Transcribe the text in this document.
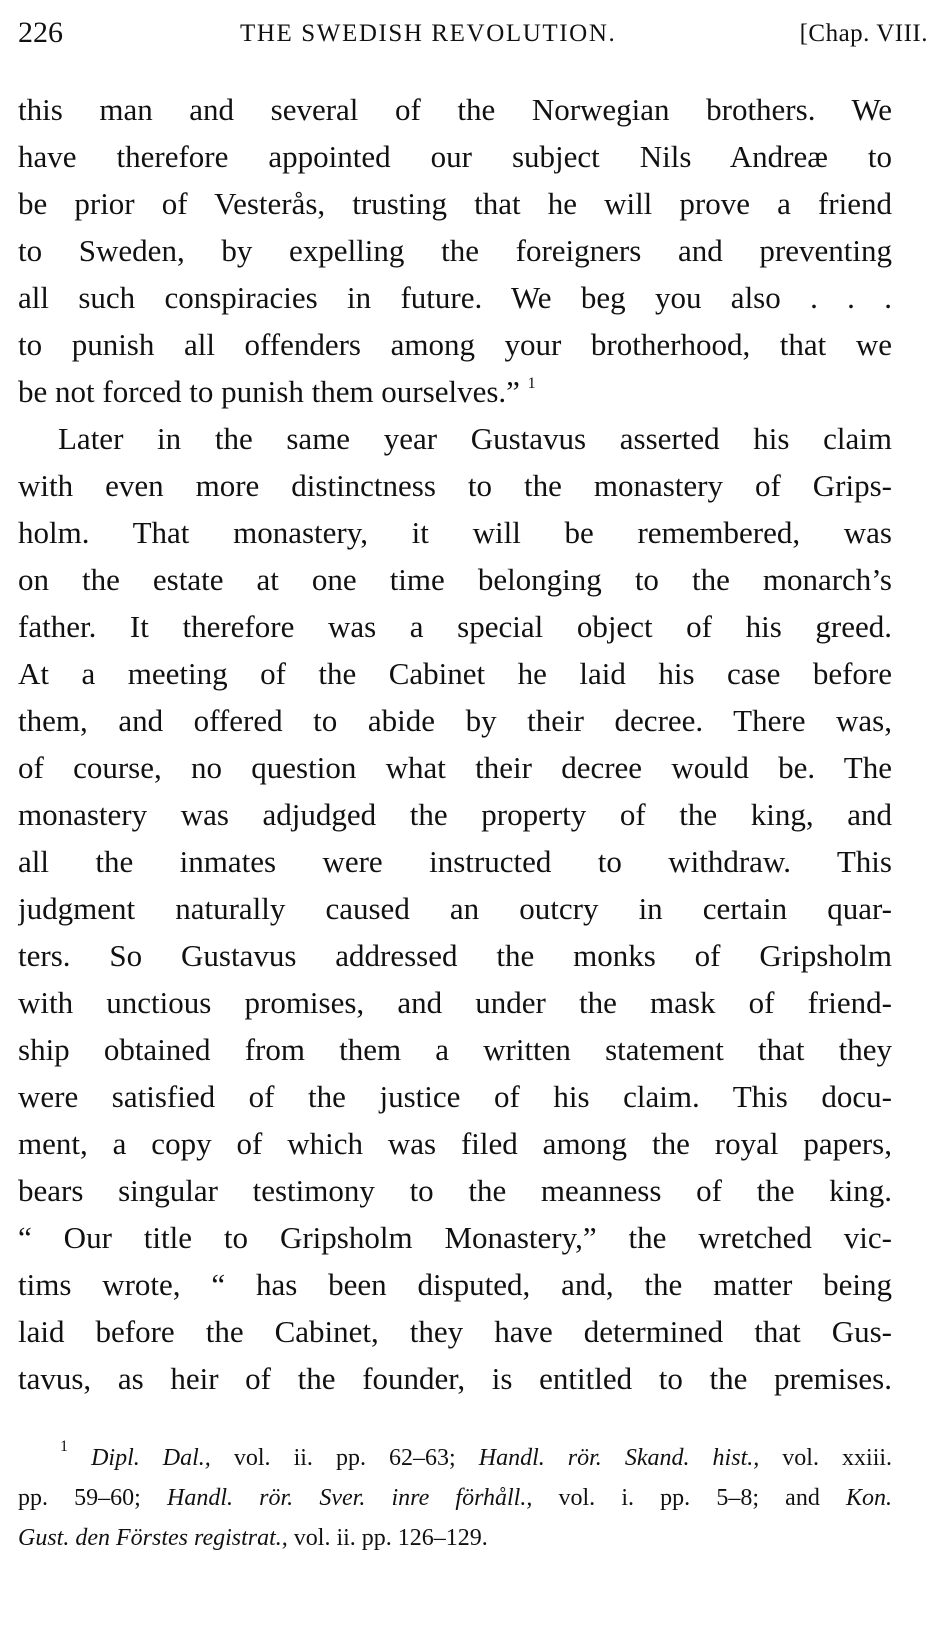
226	THE SWEDISH REVOLUTION.	[Chap. VIII.
this man and several of the Norwegian brothers. We
have therefore appointed our subject Nils Andreæ to
be prior of Vesterås, trusting that he will prove a friend
to Sweden, by expelling the foreigners and preventing
all such conspiracies in future. We beg you also . . .
to punish all offenders among your brotherhood, that we
be not forced to punish them ourselves.” $^1$
Later in the same year Gustavus asserted his claim
with even more distinctness to the monastery of Grips-
holm. That monastery, it will be remembered, was
on the estate at one time belonging to the monarch’s
father. It therefore was a special object of his greed.
At a meeting of the Cabinet he laid his case before
them, and offered to abide by their decree. There was,
of course, no question what their decree would be. The
monastery was adjudged the property of the king, and
all the inmates were instructed to withdraw. This
judgment naturally caused an outcry in certain quar-
ters. So Gustavus addressed the monks of Gripsholm
with unctious promises, and under the mask of friend-
ship obtained from them a written statement that they
were satisfied of the justice of his claim. This docu-
ment, a copy of which was filed among the royal papers,
bears singular testimony to the meanness of the king.
“ Our title to Gripsholm Monastery,” the wretched vic-
tims wrote, “ has been disputed, and, the matter being
laid before the Cabinet, they have determined that Gus-
tavus, as heir of the founder, is entitled to the premises.
$^1$ Dipl. Dal., vol. ii. pp. 62–63; Handl. rör. Skand. hist., vol. xxiii.
pp. 59–60; Handl. rör. Sver. inre förhåll., vol. i. pp. 5–8; and Kon.
Gust. den Förstes registrat., vol. ii. pp. 126–129.
